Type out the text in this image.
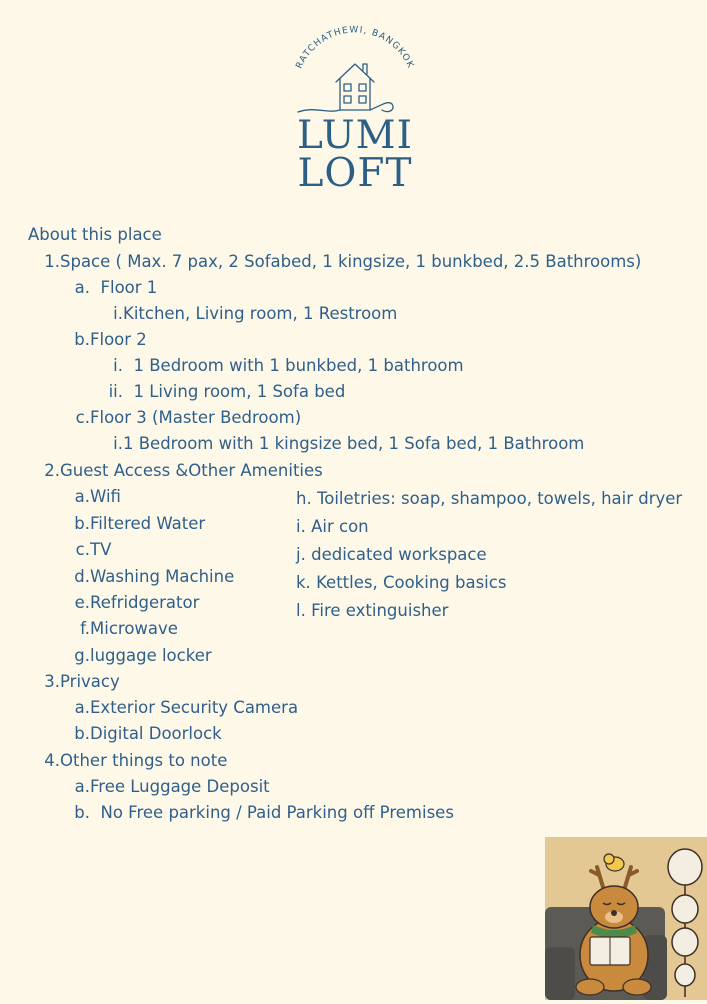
RATCHATHEWI, BANGKOK
LUMI
LOFT
About this place
1.Space ( Max. 7 pax, 2 Sofabed, 1 kingsize, 1 bunkbed, 2.5 Bathrooms)
a. Floor 1
i.Kitchen, Living room, 1 Restroom
b.Floor 2
i. 1 Bedroom with 1 bunkbed, 1 bathroom
ii. 1 Living room, 1 Sofa bed
c.Floor 3 (Master Bedroom)
i.1 Bedroom with 1 kingsize bed, 1 Sofa bed, 1 Bathroom
2.Guest Access &Other Amenities
a.Wifi
b.Filtered Water
c.TV
d.Washing Machine
e.Refridgerator
f.Microwave
g.luggage locker
h. Toiletries: soap, shampoo, towels, hair dryer
i. Air con
j. dedicated workspace
k. Kettles, Cooking basics
l. Fire extinguisher
3.Privacy
a.Exterior Security Camera
b.Digital Doorlock
4.Other things to note
a.Free Luggage Deposit
b. No Free parking / Paid Parking off Premises
